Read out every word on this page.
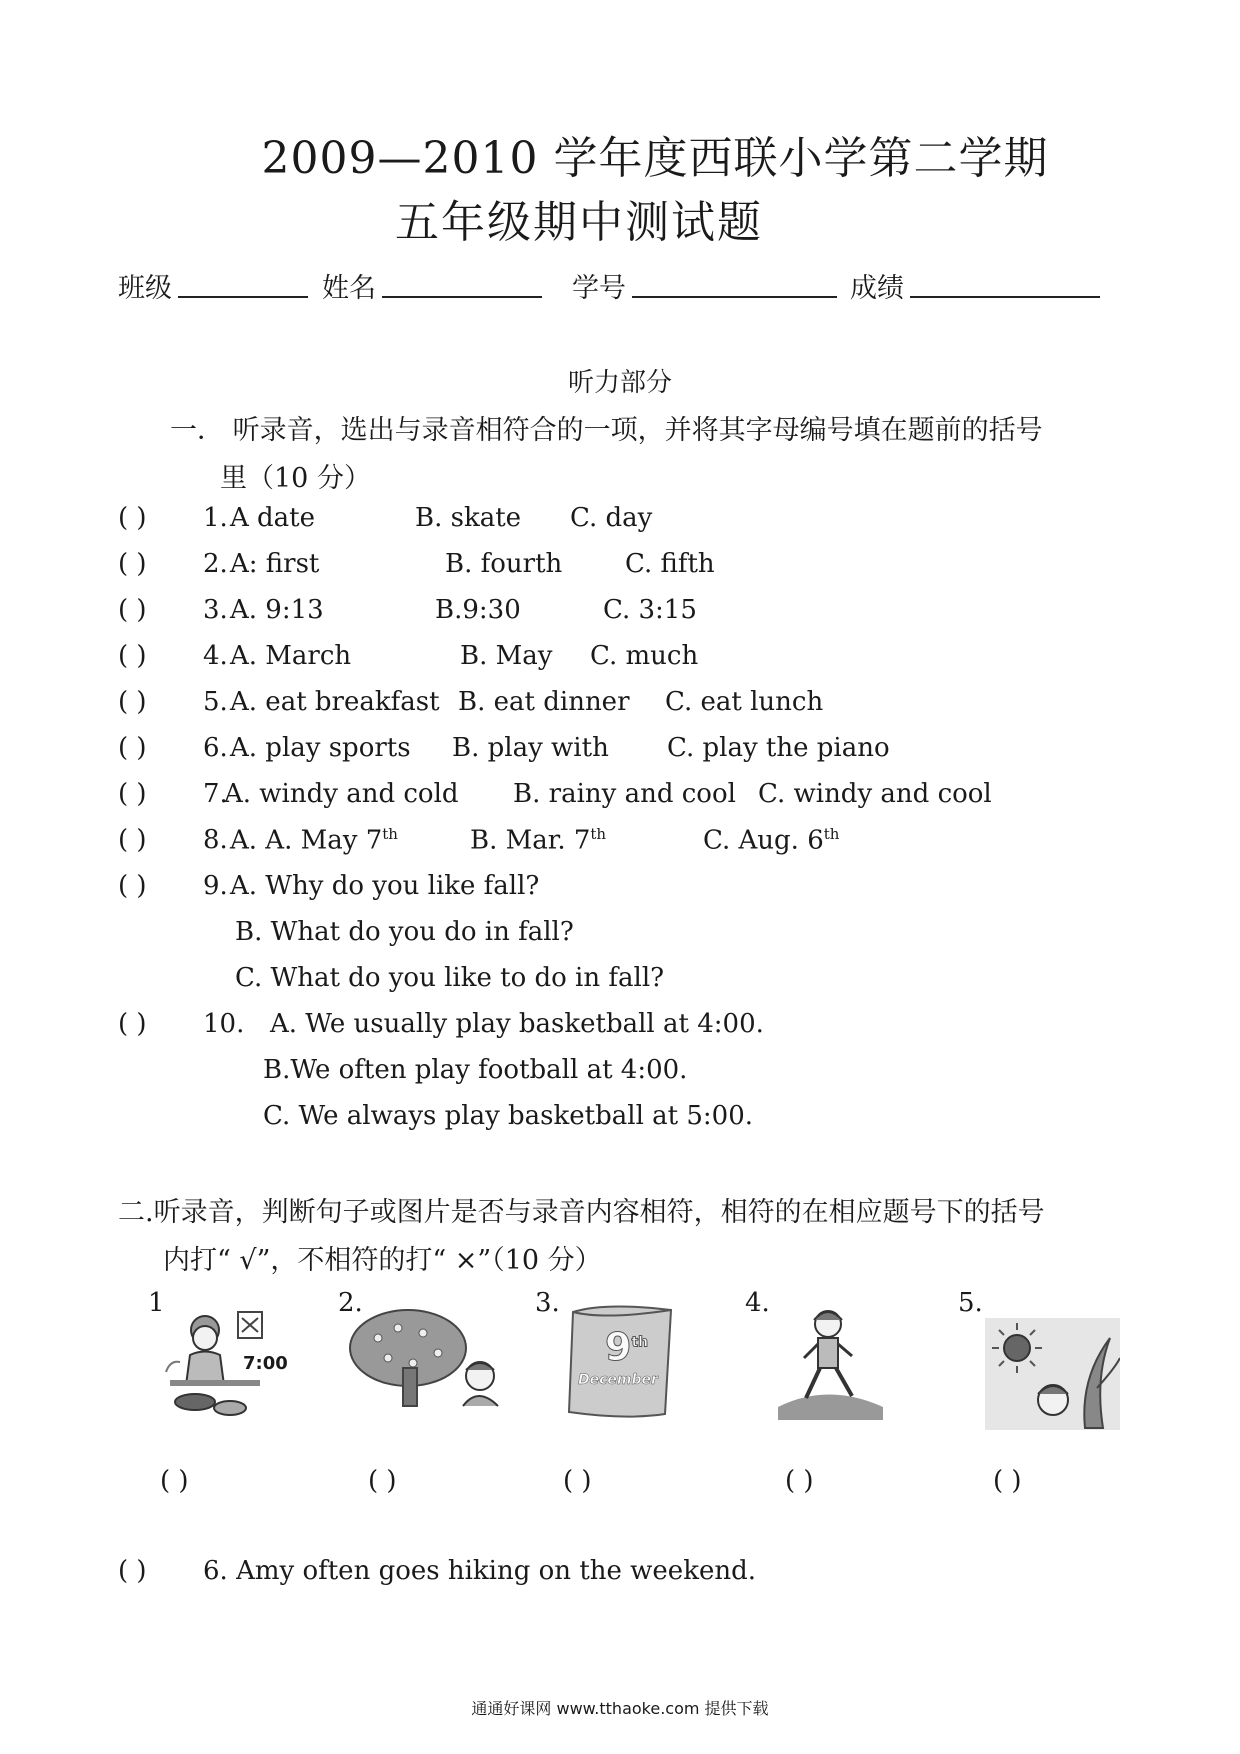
2009—2010 学年度西联小学第二学期
五年级期中测试题
班级	姓名	学号	成绩
听力部分
一． 听录音，选出与录音相符合的一项，并将其字母编号填在题前的括号
里（10 分）
( ) 1. A date	B. skate C. day
( ) 2. A: first	B. fourth C. fifth
( ) 3. A. 9:13	B.9:30	C. 3:15
( ) 4. A. March	B. May C. much
( ) 5. A. eat breakfast B. eat dinner C. eat lunch
( ) 6. A. play sports B. play with C. play the piano
( ) 7.
A. windy and cold B. rainy and cool C. windy and cool
( ) 8. A. A. May 7th	B. Mar. 7th	C. Aug. 6th
( ) 9. A. Why do you like fall?
B. What do you do in fall?
C. What do you like to do in fall?
( ) 10. A. We usually play basketball at 4:00.
B.We often play football at 4:00.
C. We always play basketball at 5:00.
二.听录音，判断句子或图片是否与录音内容相符，相符的在相应题号下的括号
内打“ √”，不相符的打“ ×”（10 分）
1	2.	3.	4.	5.
7:00	9th
December
( )	( )	( )	( )	( )
( ) 6. Amy often goes hiking on the weekend.
通通好课网 www.tthaoke.com 提供下载
